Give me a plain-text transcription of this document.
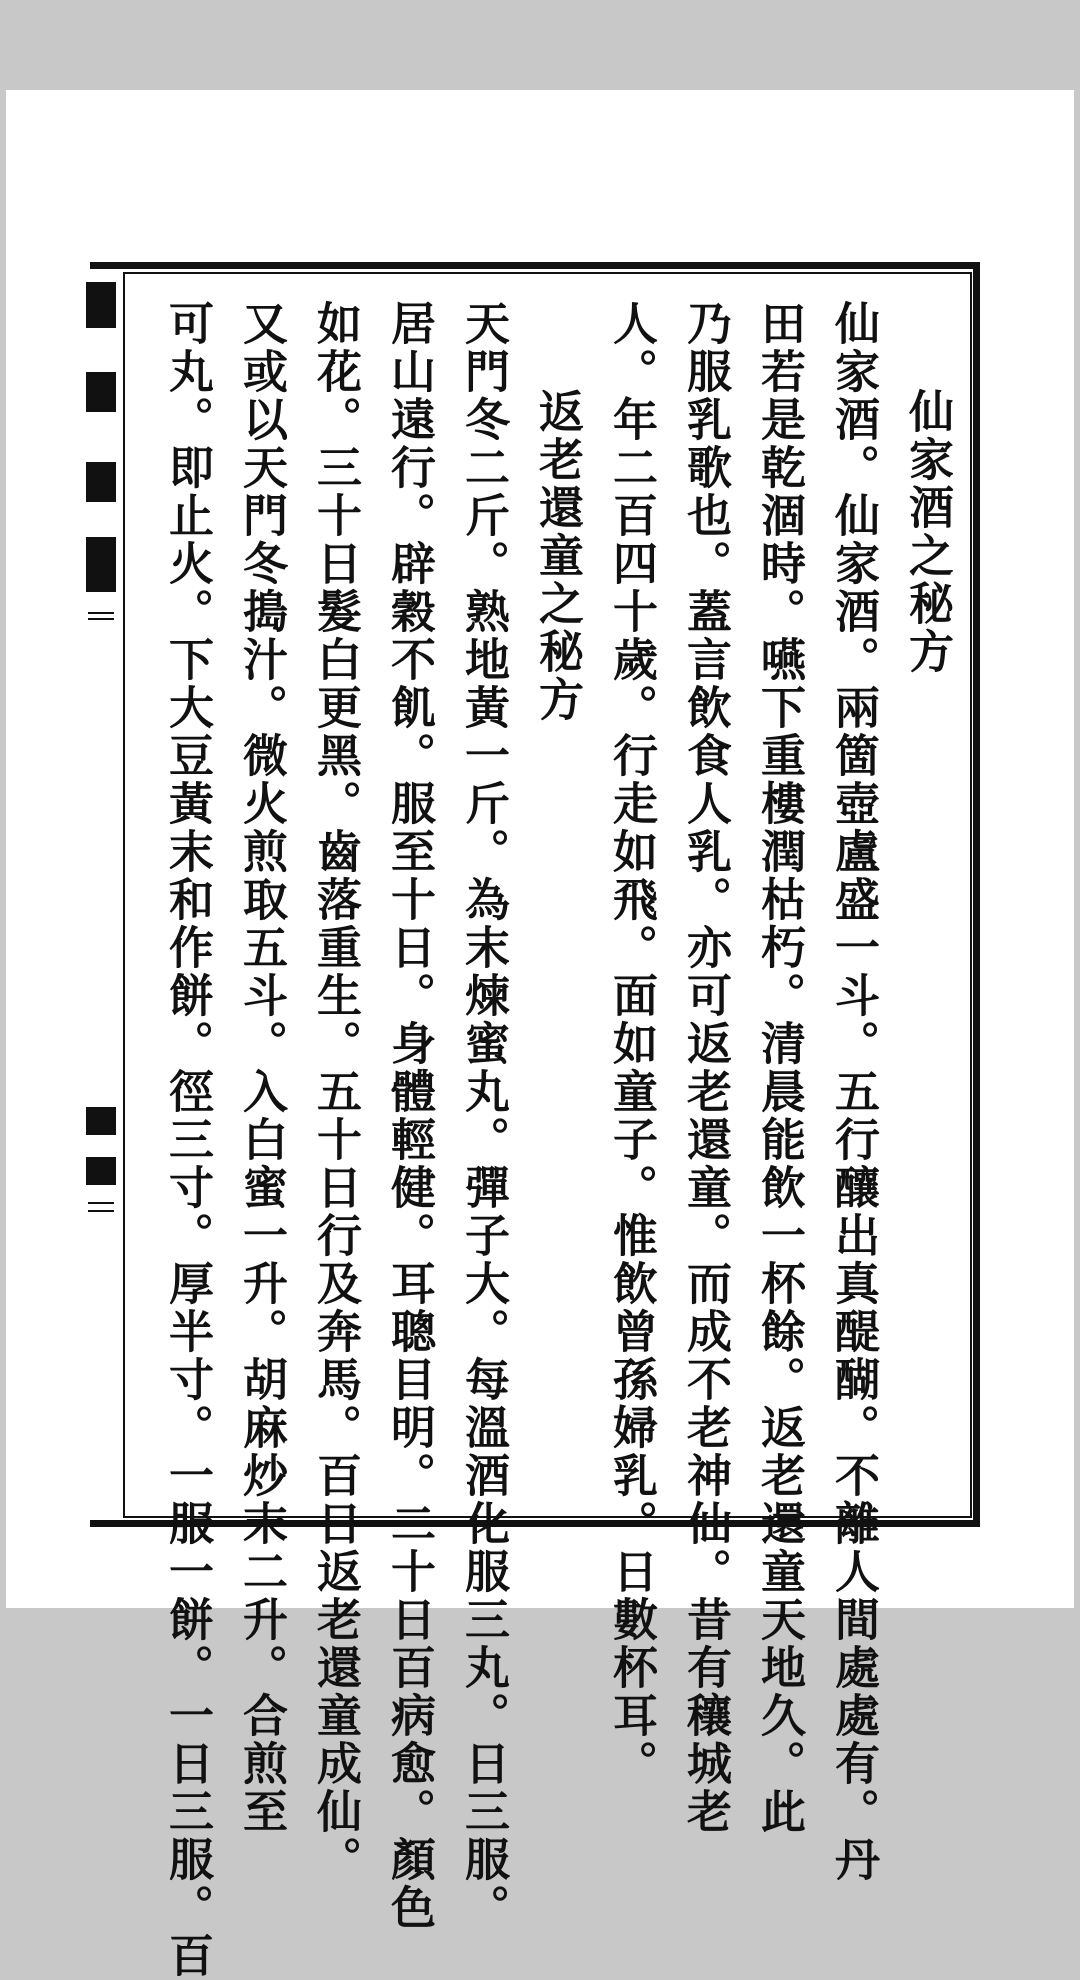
仙家酒之秘方
仙家酒。仙家酒。兩箇壺盧盛一斗。五行釀出真醍醐。不離人間處處有。丹
田若是乾涸時。嚥下重樓潤枯朽。清晨能飲一杯餘。返老還童天地久。此
乃服乳歌也。蓋言飲食人乳。亦可返老還童。而成不老神仙。昔有穰城老
人。年二百四十歲。行走如飛。面如童子。惟飲曾孫婦乳。日數杯耳。
返老還童之秘方
天門冬二斤。熟地黃一斤。為末煉蜜丸。彈子大。每溫酒化服三丸。日三服。
居山遠行。辟穀不飢。服至十日。身體輕健。耳聰目明。二十日百病愈。顏色
如花。三十日髮白更黑。齒落重生。五十日行及奔馬。百日返老還童成仙。
又或以天門冬搗汁。微火煎取五斗。入白蜜一升。胡麻炒末二升。合煎至
可丸。即止火。下大豆黃末和作餅。徑三寸。厚半寸。一服一餅。一日三服。百
